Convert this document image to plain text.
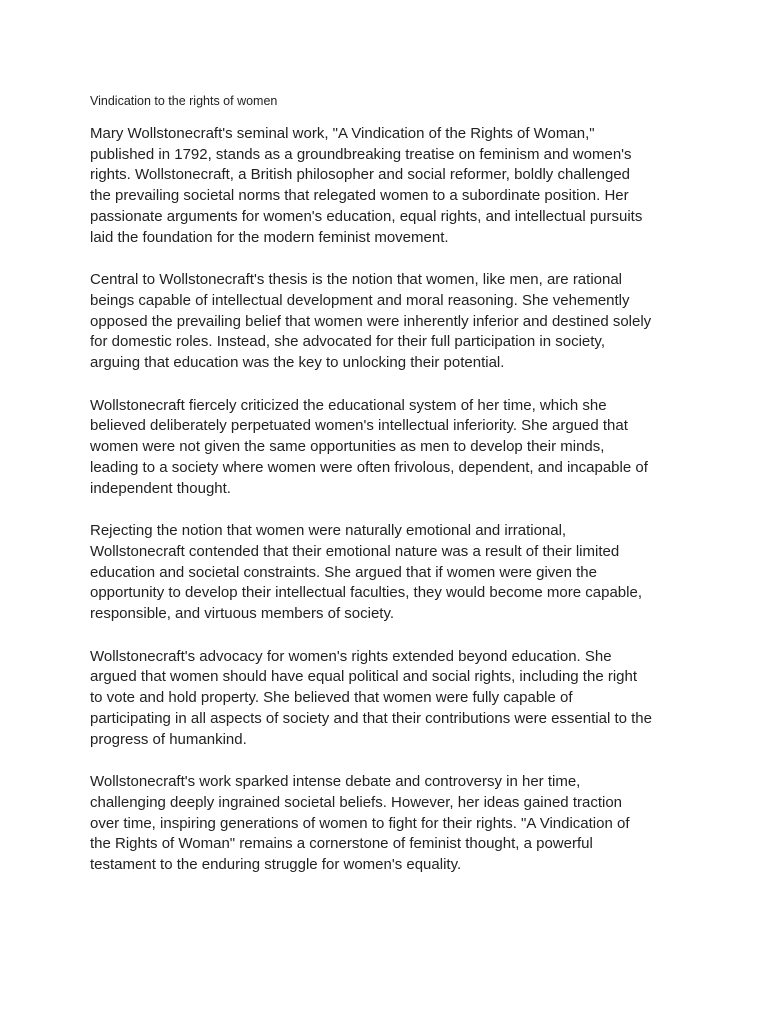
Vindication to the rights of women

Mary Wollstonecraft's seminal work, "A Vindication of the Rights of Woman,"
published in 1792, stands as a groundbreaking treatise on feminism and women's
rights. Wollstonecraft, a British philosopher and social reformer, boldly challenged
the prevailing societal norms that relegated women to a subordinate position. Her
passionate arguments for women's education, equal rights, and intellectual pursuits
laid the foundation for the modern feminist movement.

Central to Wollstonecraft's thesis is the notion that women, like men, are rational
beings capable of intellectual development and moral reasoning. She vehemently
opposed the prevailing belief that women were inherently inferior and destined solely
for domestic roles. Instead, she advocated for their full participation in society,
arguing that education was the key to unlocking their potential.

Wollstonecraft fiercely criticized the educational system of her time, which she
believed deliberately perpetuated women's intellectual inferiority. She argued that
women were not given the same opportunities as men to develop their minds,
leading to a society where women were often frivolous, dependent, and incapable of
independent thought.

Rejecting the notion that women were naturally emotional and irrational,
Wollstonecraft contended that their emotional nature was a result of their limited
education and societal constraints. She argued that if women were given the
opportunity to develop their intellectual faculties, they would become more capable,
responsible, and virtuous members of society.

Wollstonecraft's advocacy for women's rights extended beyond education. She
argued that women should have equal political and social rights, including the right
to vote and hold property. She believed that women were fully capable of
participating in all aspects of society and that their contributions were essential to the
progress of humankind.

Wollstonecraft's work sparked intense debate and controversy in her time,
challenging deeply ingrained societal beliefs. However, her ideas gained traction
over time, inspiring generations of women to fight for their rights. "A Vindication of
the Rights of Woman" remains a cornerstone of feminist thought, a powerful
testament to the enduring struggle for women's equality.
